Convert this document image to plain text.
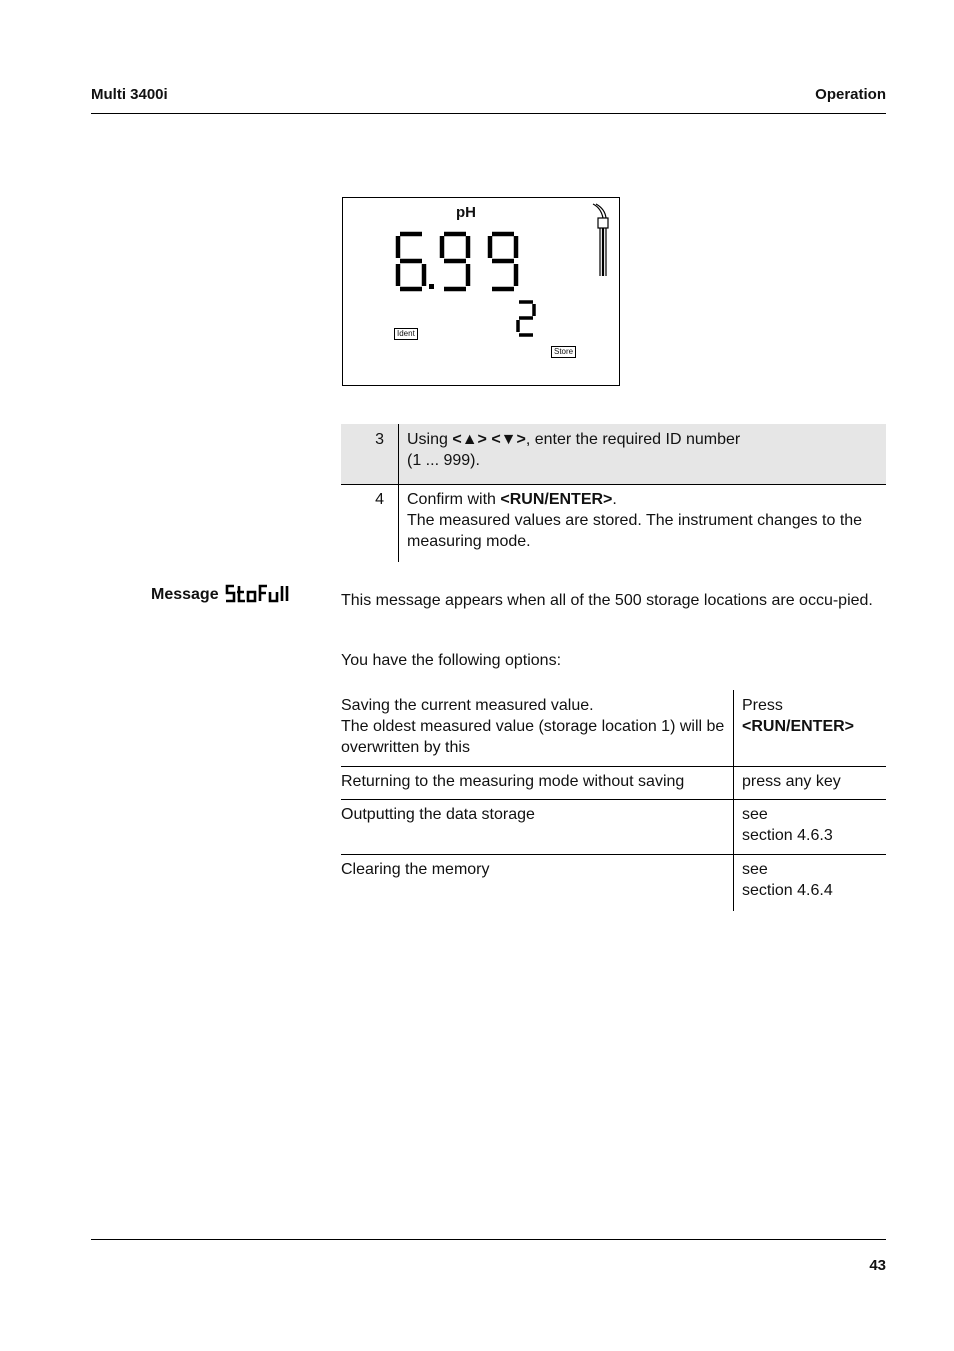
Multi 3400i	Operation
pH
Ident
Store
3	Using <▲> <▼>, enter the required ID number
(1 ... 999).

4	Confirm with <RUN/ENTER>.
The measured values are stored. The instrument changes to the measuring mode.
Message	This message appears when all of the 500 storage locations are occu-pied.
You have the following options:
Saving the current measured value.
The oldest measured value (storage location 1) will be overwritten by this	Press
<RUN/ENTER>

Returning to the measuring mode without saving	press any key
Outputting the data storage	see
section 4.6.3

Clearing the memory	see
section 4.6.4
43
